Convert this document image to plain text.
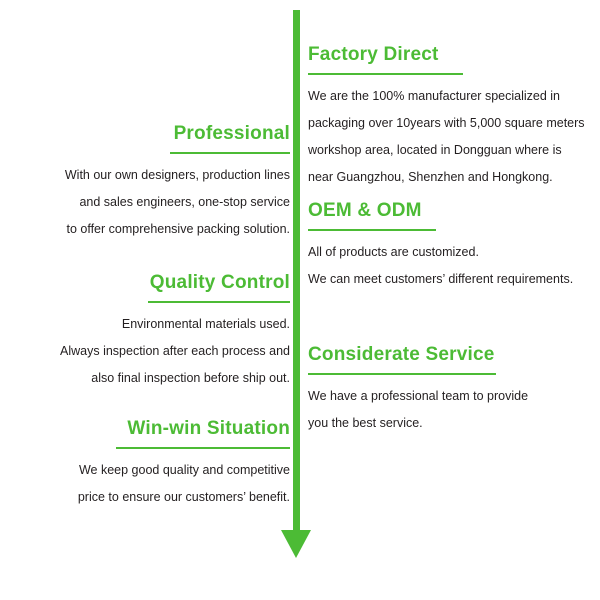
Factory Direct
We are the 100% manufacturer specialized in
packaging over 10years with 5,000 square meters
workshop area, located in Dongguan where is
near Guangzhou, Shenzhen and Hongkong.
Professional
With our own designers, production lines
and sales engineers, one-stop service
to offer comprehensive packing solution.
OEM & ODM
All of products are customized.
We can meet customers’ different requirements.
Quality Control
Environmental materials used.
Always inspection after each process and
also final inspection before ship out.
Considerate Service
We have a professional team to provide
you the best service.
Win-win Situation
We keep good quality and competitive
price to ensure our customers’ benefit.
